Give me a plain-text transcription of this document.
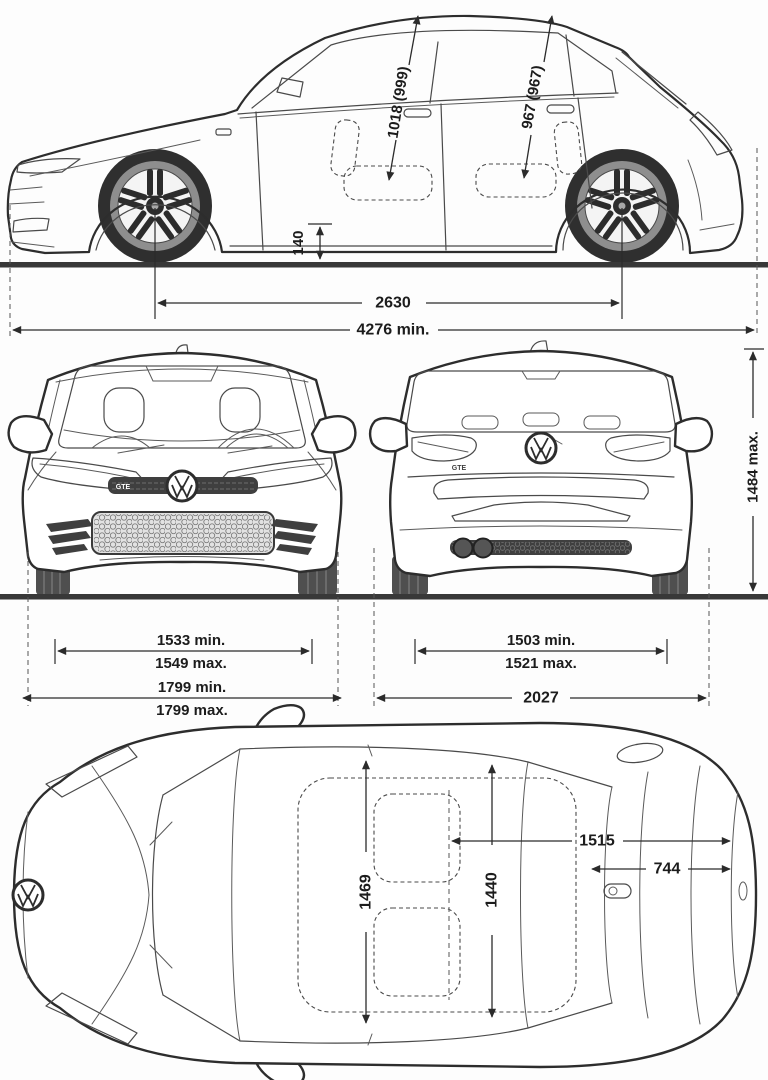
1018 (999)	967 (967)
140
2630
4276 min.
GTE
GTE
1533 min.
1549 max.
1503 min.
1521 max.
1799 min.
1799 max.
2027
1484 max.
1469	1440
1515
744
